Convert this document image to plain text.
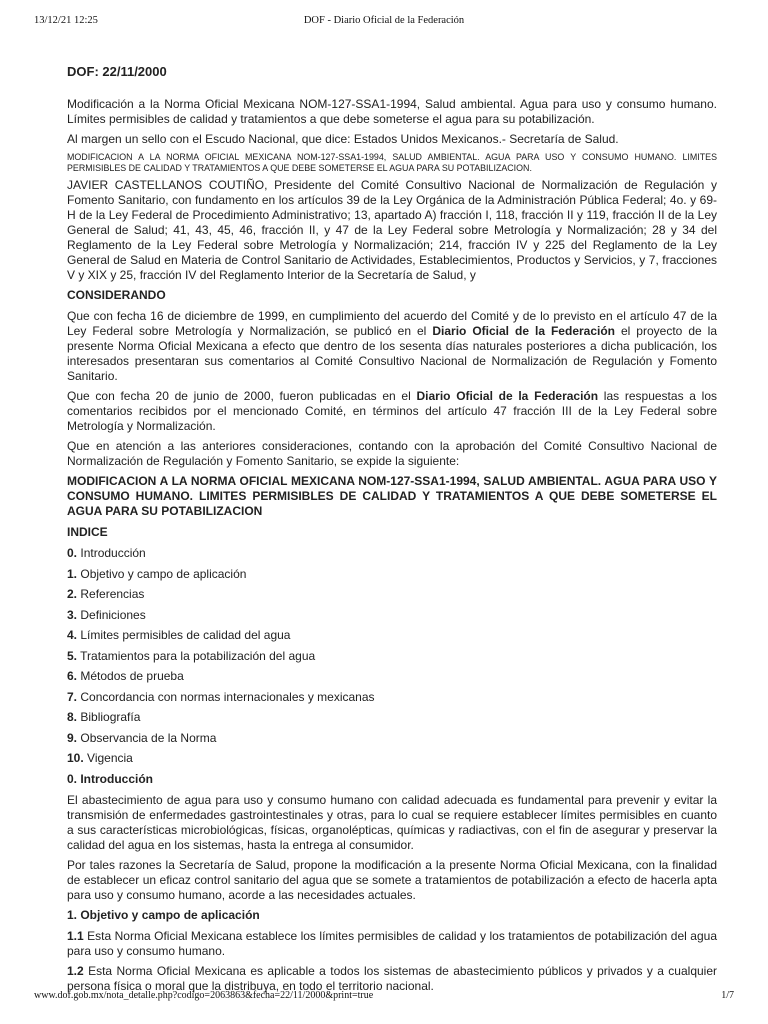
13/12/21 12:25	DOF - Diario Oficial de la Federación
DOF: 22/11/2000

Modificación a la Norma Oficial Mexicana NOM-127-SSA1-1994, Salud ambiental. Agua para uso y consumo humano. Límites permisibles de calidad y tratamientos a que debe someterse el agua para su potabilización.

Al margen un sello con el Escudo Nacional, que dice: Estados Unidos Mexicanos.- Secretaría de Salud.

MODIFICACION A LA NORMA OFICIAL MEXICANA NOM-127-SSA1-1994, SALUD AMBIENTAL. AGUA PARA USO Y CONSUMO HUMANO. LIMITES PERMISIBLES DE CALIDAD Y TRATAMIENTOS A QUE DEBE SOMETERSE EL AGUA PARA SU POTABILIZACION.

JAVIER CASTELLANOS COUTIÑO, Presidente del Comité Consultivo Nacional de Normalización de Regulación y Fomento Sanitario, con fundamento en los artículos 39 de la Ley Orgánica de la Administración Pública Federal; 4o. y 69-H de la Ley Federal de Procedimiento Administrativo; 13, apartado A) fracción I, 118, fracción II y 119, fracción II de la Ley General de Salud; 41, 43, 45, 46, fracción II, y 47 de la Ley Federal sobre Metrología y Normalización; 28 y 34 del Reglamento de la Ley Federal sobre Metrología y Normalización; 214, fracción IV y 225 del Reglamento de la Ley General de Salud en Materia de Control Sanitario de Actividades, Establecimientos, Productos y Servicios, y 7, fracciones V y XIX y 25, fracción IV del Reglamento Interior de la Secretaría de Salud, y

CONSIDERANDO

Que con fecha 16 de diciembre de 1999, en cumplimiento del acuerdo del Comité y de lo previsto en el artículo 47 de la Ley Federal sobre Metrología y Normalización, se publicó en el Diario Oficial de la Federación el proyecto de la presente Norma Oficial Mexicana a efecto que dentro de los sesenta días naturales posteriores a dicha publicación, los interesados presentaran sus comentarios al Comité Consultivo Nacional de Normalización de Regulación y Fomento Sanitario.

Que con fecha 20 de junio de 2000, fueron publicadas en el Diario Oficial de la Federación las respuestas a los comentarios recibidos por el mencionado Comité, en términos del artículo 47 fracción III de la Ley Federal sobre Metrología y Normalización.

Que en atención a las anteriores consideraciones, contando con la aprobación del Comité Consultivo Nacional de Normalización de Regulación y Fomento Sanitario, se expide la siguiente:

MODIFICACION A LA NORMA OFICIAL MEXICANA NOM-127-SSA1-1994, SALUD AMBIENTAL. AGUA PARA USO Y CONSUMO HUMANO. LIMITES PERMISIBLES DE CALIDAD Y TRATAMIENTOS A QUE DEBE SOMETERSE EL AGUA PARA SU POTABILIZACION
INDICE
0. Introducción
1. Objetivo y campo de aplicación
2. Referencias
3. Definiciones
4. Límites permisibles de calidad del agua
5. Tratamientos para la potabilización del agua
6. Métodos de prueba
7. Concordancia con normas internacionales y mexicanas
8. Bibliografía
9. Observancia de la Norma
10. Vigencia
0. Introducción

El abastecimiento de agua para uso y consumo humano con calidad adecuada es fundamental para prevenir y evitar la transmisión de enfermedades gastrointestinales y otras, para lo cual se requiere establecer límites permisibles en cuanto a sus características microbiológicas, físicas, organolépticas, químicas y radiactivas, con el fin de asegurar y preservar la calidad del agua en los sistemas, hasta la entrega al consumidor.

Por tales razones la Secretaría de Salud, propone la modificación a la presente Norma Oficial Mexicana, con la finalidad de establecer un eficaz control sanitario del agua que se somete a tratamientos de potabilización a efecto de hacerla apta para uso y consumo humano, acorde a las necesidades actuales.

1. Objetivo y campo de aplicación

1.1 Esta Norma Oficial Mexicana establece los límites permisibles de calidad y los tratamientos de potabilización del agua para uso y consumo humano.

1.2 Esta Norma Oficial Mexicana es aplicable a todos los sistemas de abastecimiento públicos y privados y a cualquier persona física o moral que la distribuya, en todo el territorio nacional.

www.dof.gob.mx/nota_detalle.php?codigo=2063863&fecha=22/11/2000&print=true	1/7
